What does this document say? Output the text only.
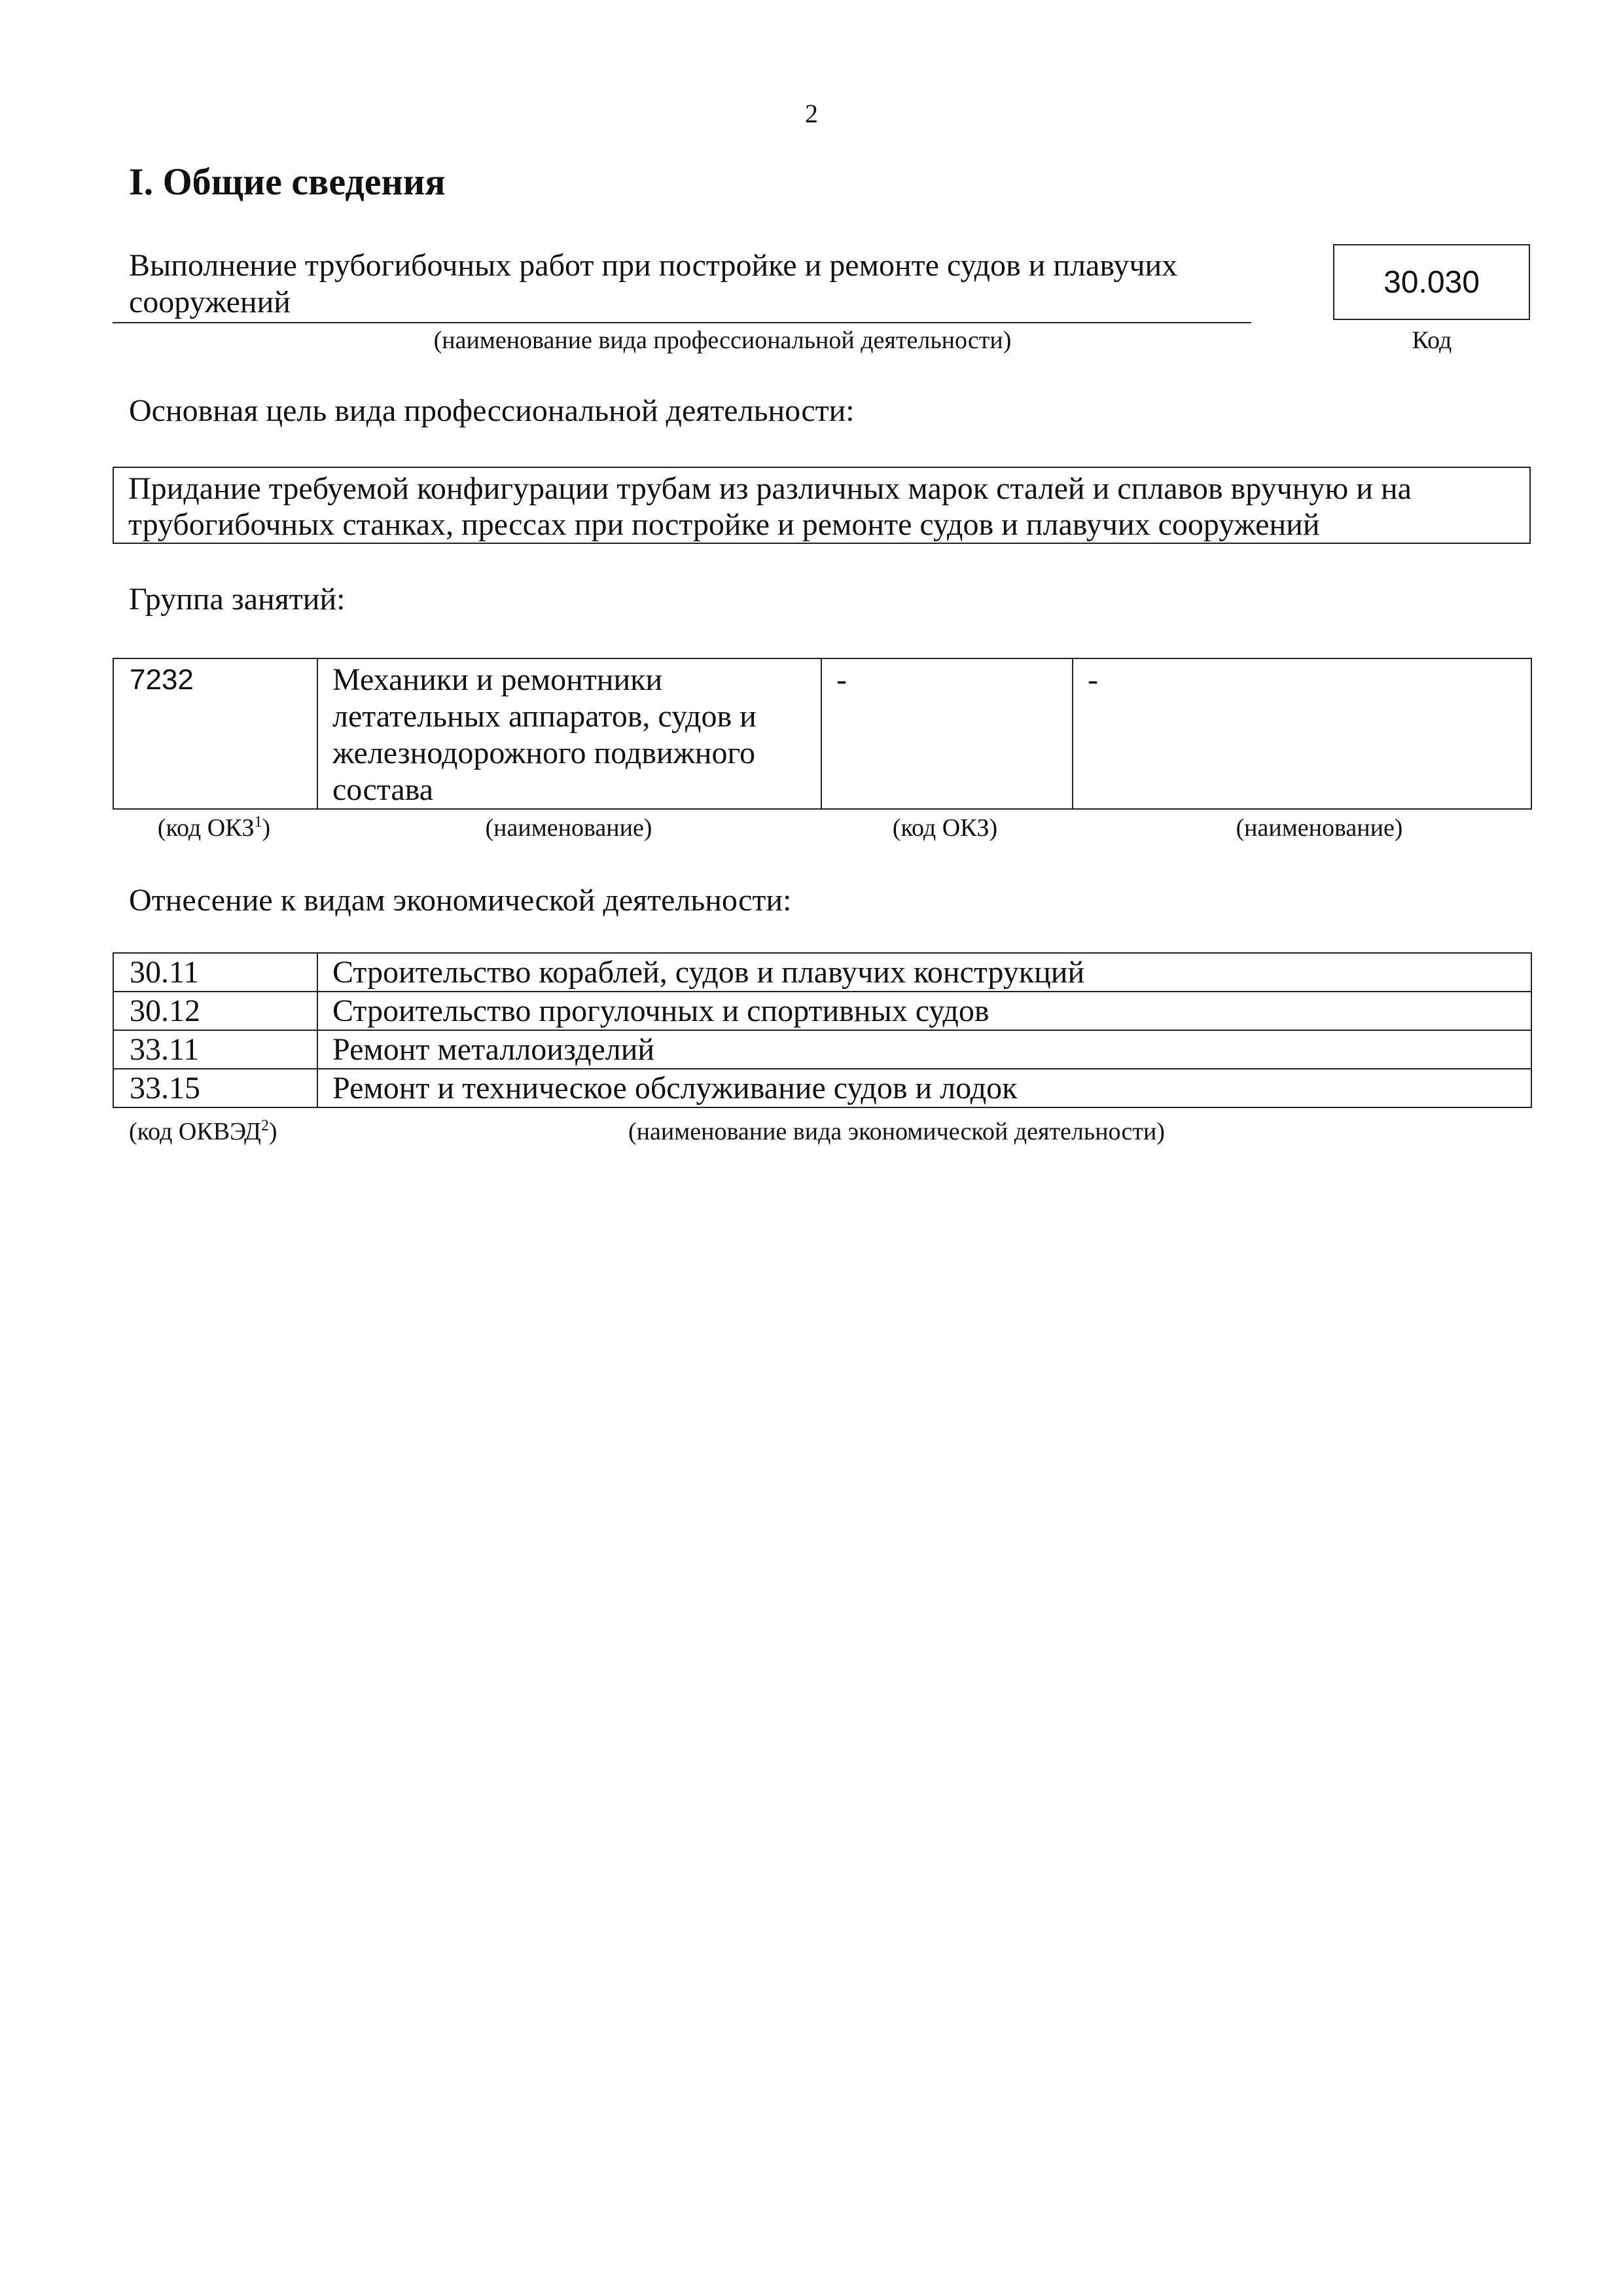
2
I. Общие сведения
Выполнение трубогибочных работ при постройке и ремонте судов и плавучих сооружений
(наименование вида профессиональной деятельности)
30.030
Код
Основная цель вида профессиональной деятельности:
Придание требуемой конфигурации трубам из различных марок сталей и сплавов вручную и на трубогибочных станках, прессах при постройке и ремонте судов и плавучих сооружений
Группа занятий:
7232	Механики и ремонтники летательных аппаратов, судов и железнодорожного подвижного состава	-	-
(код ОКЗ$^1$)	(наименование)	(код ОКЗ)	(наименование)
Отнесение к видам экономической деятельности:
30.11	Строительство кораблей, судов и плавучих конструкций
30.12	Строительство прогулочных и спортивных судов
33.11	Ремонт металлоизделий
33.15	Ремонт и техническое обслуживание судов и лодок
(код ОКВЭД$^2$)	(наименование вида экономической деятельности)
